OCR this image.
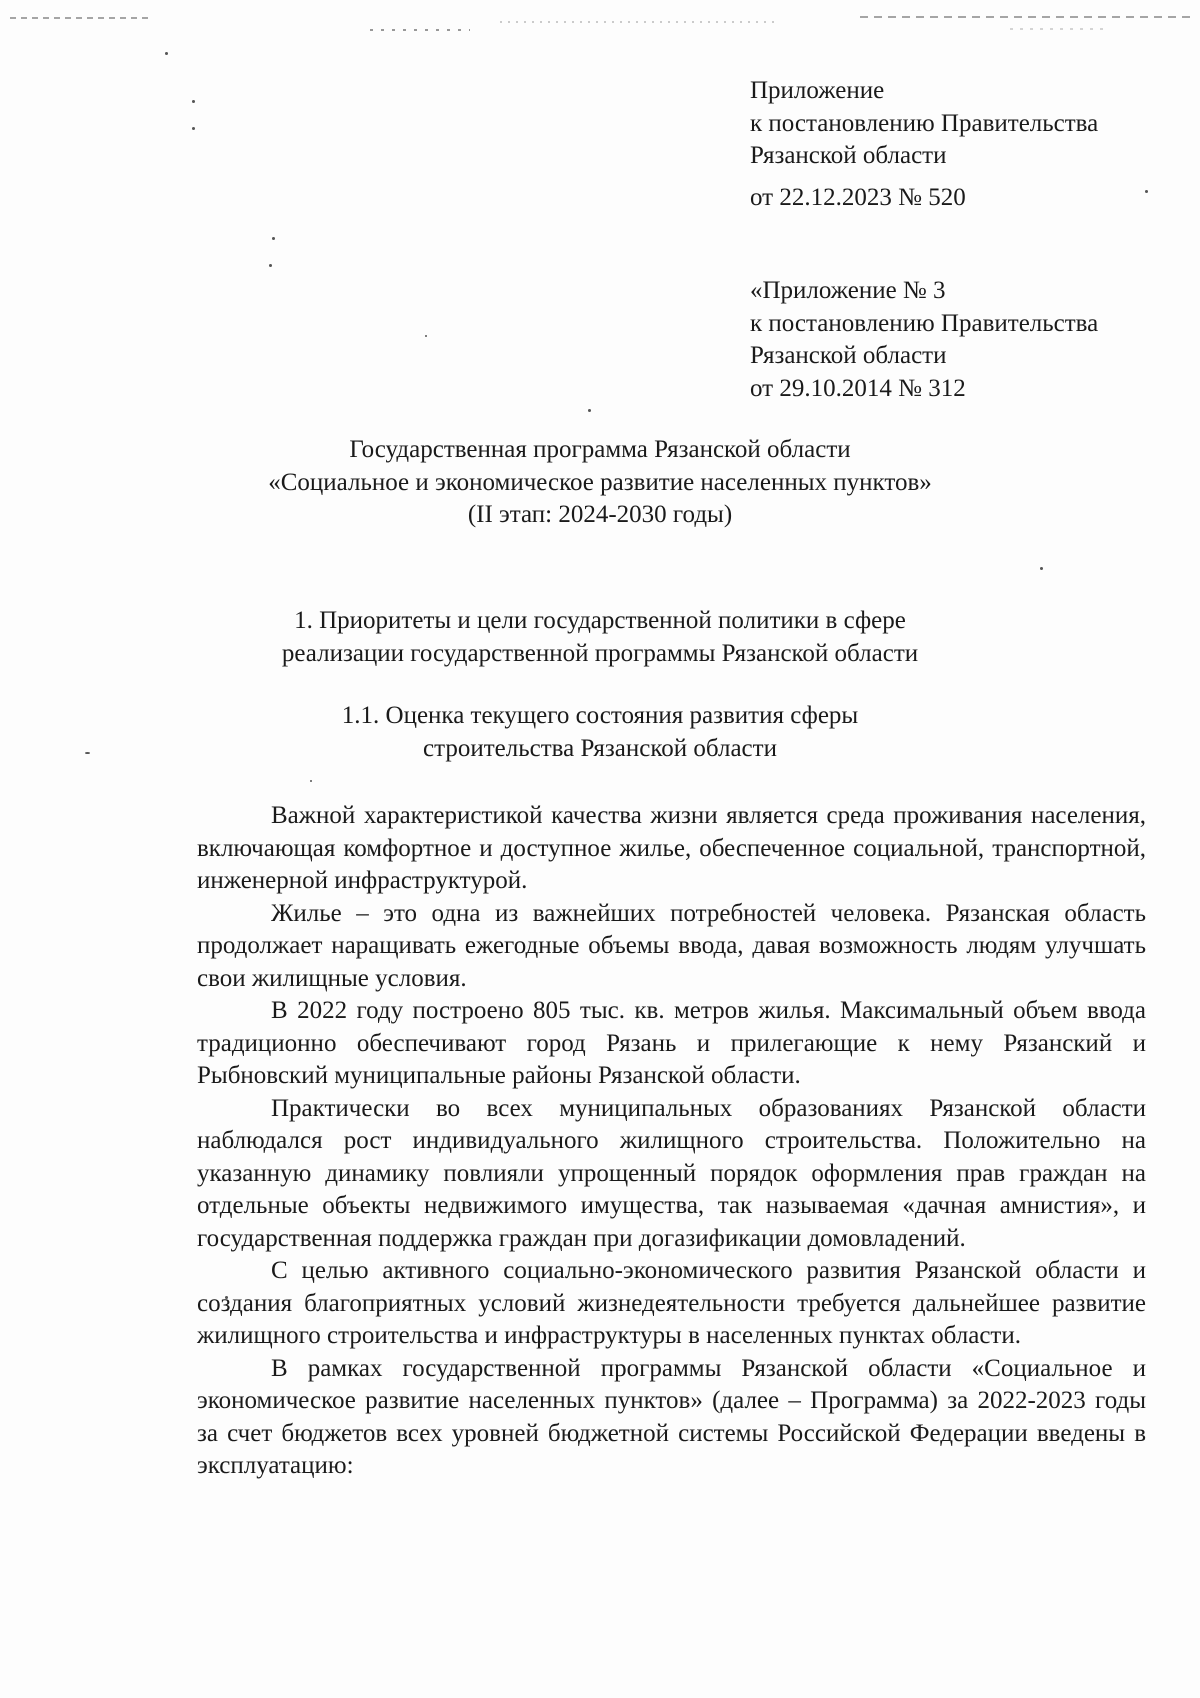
Приложение
к постановлению Правительства
Рязанской области
от 22.12.2023 № 520
«Приложение № 3
к постановлению Правительства
Рязанской области
от 29.10.2014 № 312
Государственная программа Рязанской области
«Социальное и экономическое развитие населенных пунктов»
(II этап: 2024-2030 годы)
1. Приоритеты и цели государственной политики в сфере
реализации государственной программы Рязанской области
1.1. Оценка текущего состояния развития сферы
строительства Рязанской области

Важной характеристикой качества жизни является среда проживания населения, включающая комфортное и доступное жилье, обеспеченное социальной, транспортной, инженерной инфраструктурой.

Жилье – это одна из важнейших потребностей человека. Рязанская область продолжает наращивать ежегодные объемы ввода, давая возможность людям улучшать свои жилищные условия.

В 2022 году построено 805 тыс. кв. метров жилья. Максимальный объем ввода традиционно обеспечивают город Рязань и прилегающие к нему Рязанский и Рыбновский муниципальные районы Рязанской области.

Практически во всех муниципальных образованиях Рязанской области наблюдался рост индивидуального жилищного строительства. Положительно на указанную динамику повлияли упрощенный порядок оформления прав граждан на отдельные объекты недвижимого имущества, так называемая «дачная амнистия», и государственная поддержка граждан при догазификации домовладений.

С целью активного социально-экономического развития Рязанской области и создания благоприятных условий жизнедеятельности требуется дальнейшее развитие жилищного строительства и инфраструктуры в населенных пунктах области.

В рамках государственной программы Рязанской области «Социальное и экономическое развитие населенных пунктов» (далее – Программа) за 2022-2023 годы за счет бюджетов всех уровней бюджетной системы Российской Федерации введены в эксплуатацию:
